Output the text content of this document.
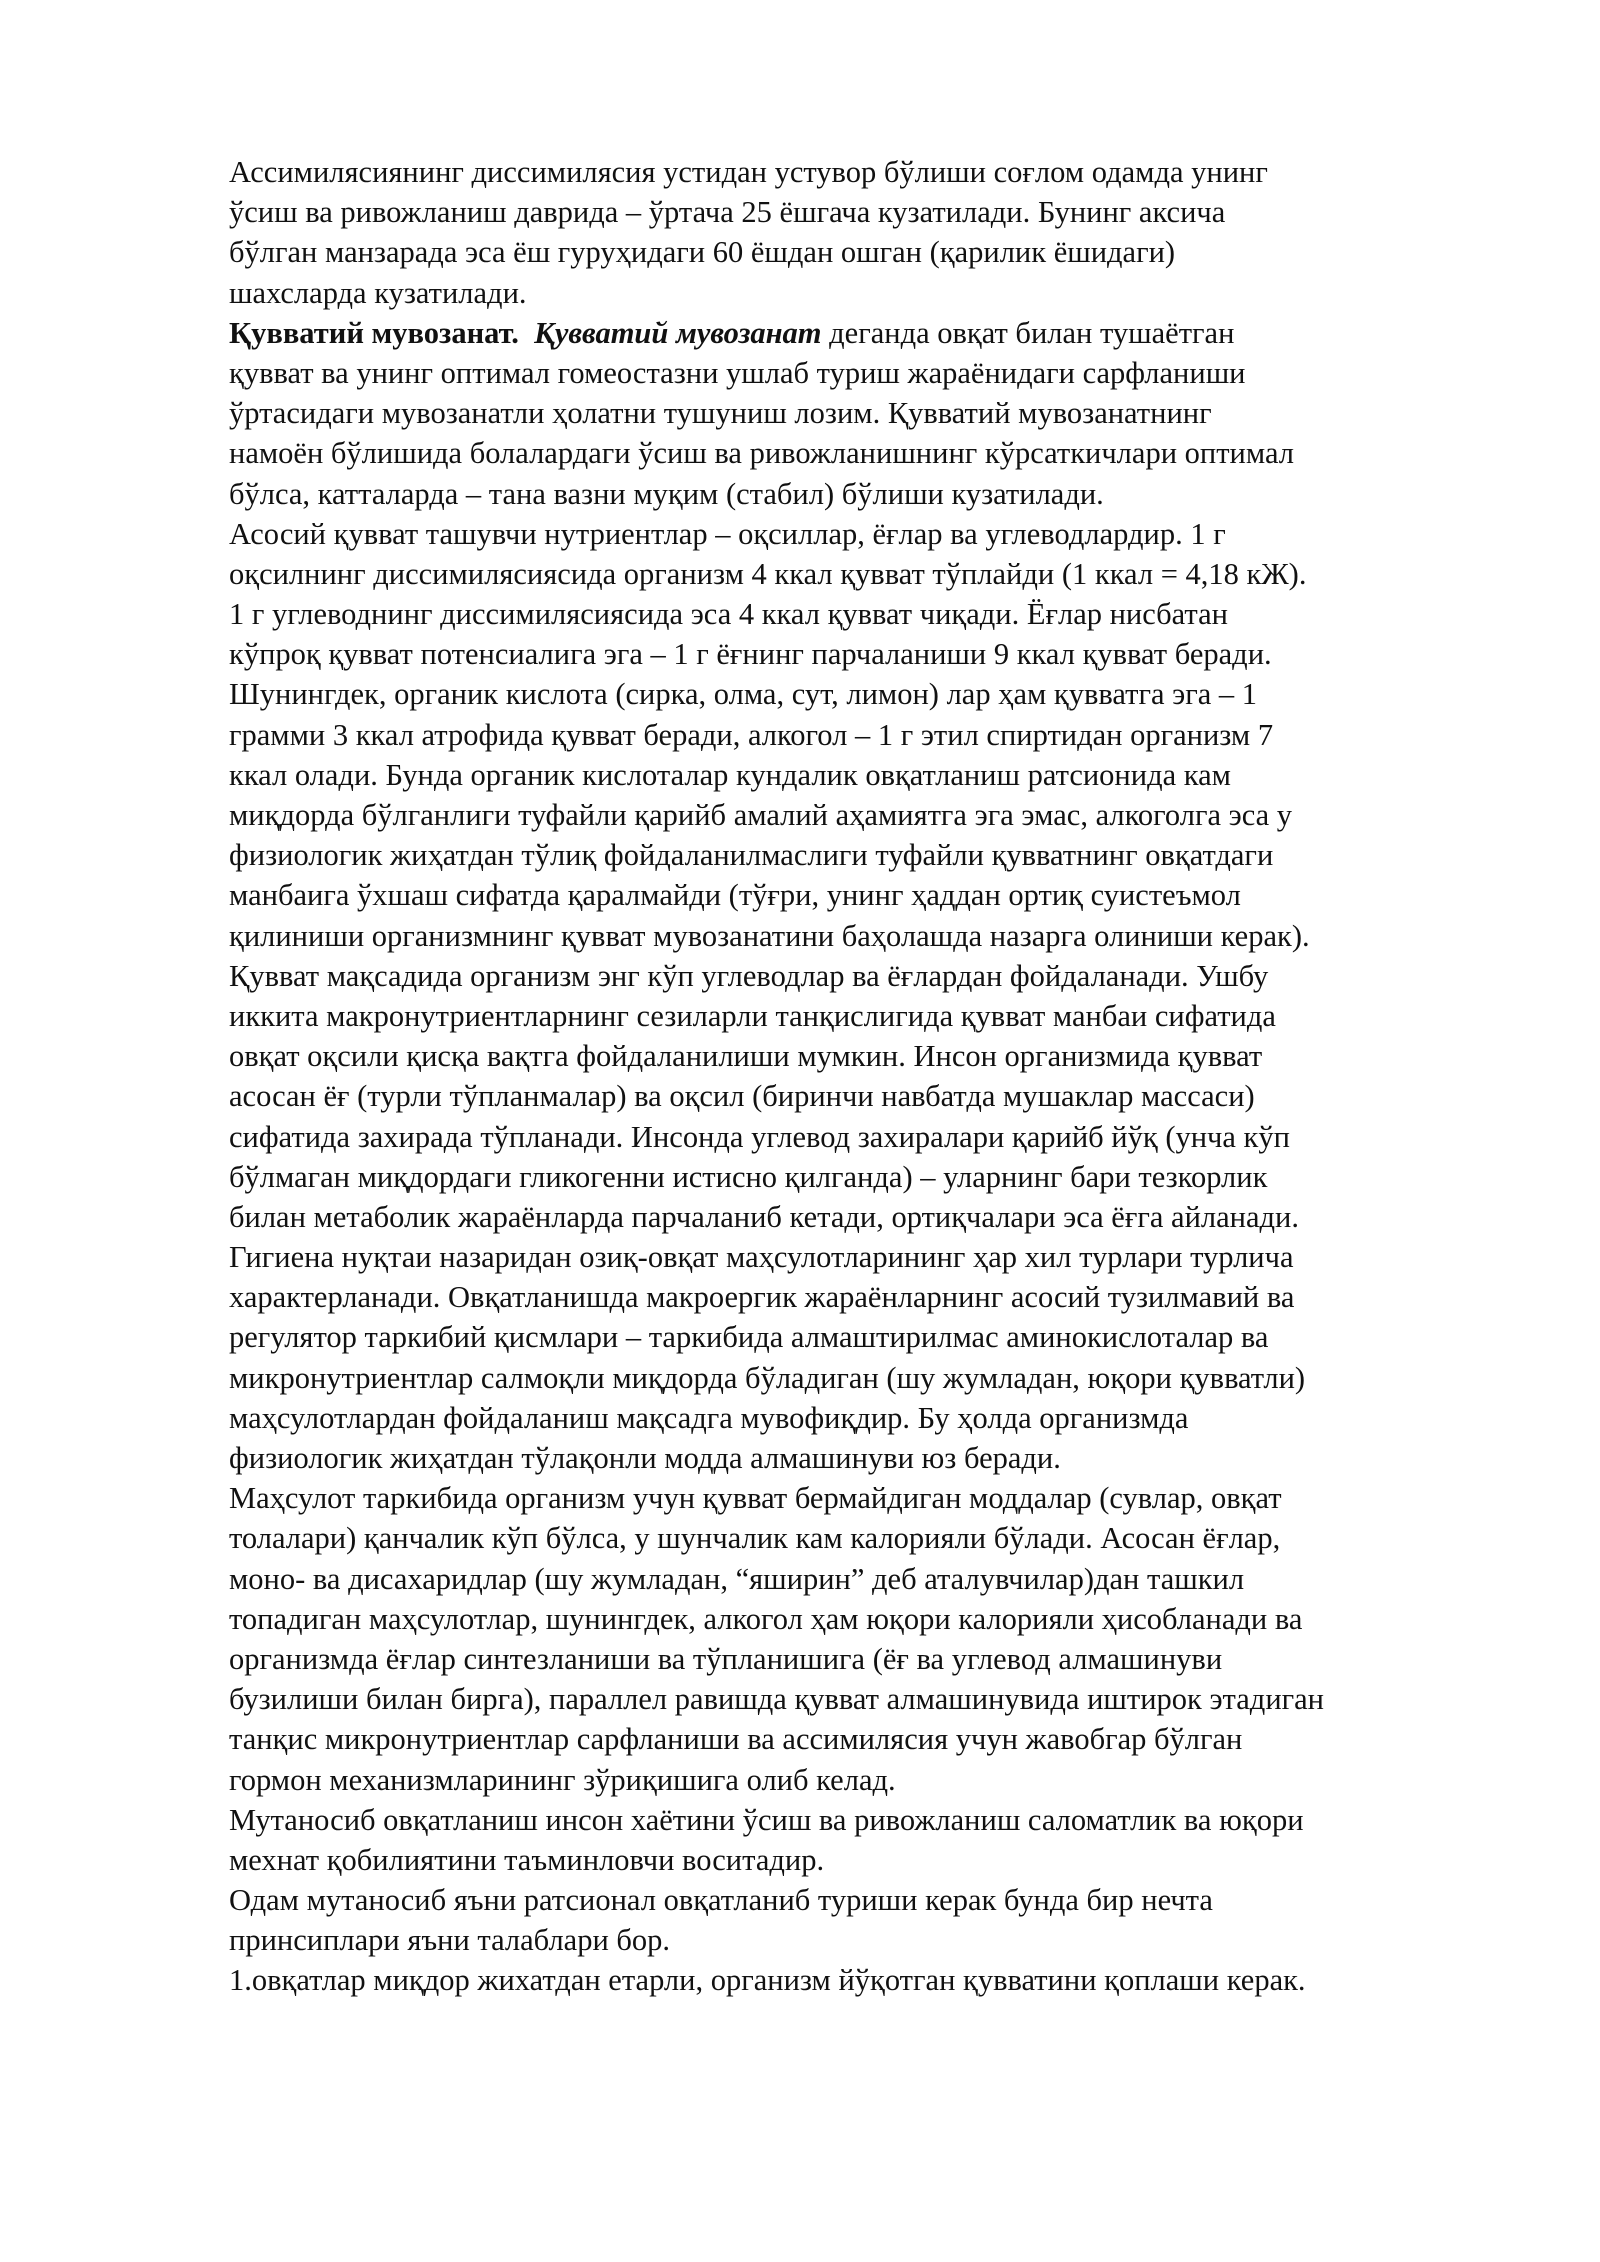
Ассимилясиянинг диссимилясия устидан устувор бўлиши соғлом одамда унинг
ўсиш ва ривожланиш даврида – ўртача 25 ёшгача кузатилади. Бунинг аксича
бўлган манзарада эса ёш гуруҳидаги 60 ёшдан ошган (қарилик ёшидаги)
шахсларда кузатилади.
Қувватий мувозанат. Қувватий мувозанат деганда овқат билан тушаётган
қувват ва унинг оптимал гомеостазни ушлаб туриш жараёнидаги сарфланиши
ўртасидаги мувозанатли ҳолатни тушуниш лозим. Қувватий мувозанатнинг
намоён бўлишида болалардаги ўсиш ва ривожланишнинг кўрсаткичлари оптимал
бўлса, катталарда – тана вазни муқим (стабил) бўлиши кузатилади.
Асосий қувват ташувчи нутриентлар – оқсиллар, ёғлар ва углеводлардир. 1 г
оқсилнинг диссимилясиясида организм 4 ккал қувват тўплайди (1 ккал = 4,18 кЖ).
1 г углеводнинг диссимилясиясида эса 4 ккал қувват чиқади. Ёғлар нисбатан
кўпроқ қувват потенсиалига эга – 1 г ёғнинг парчаланиши 9 ккал қувват беради.
Шунингдек, органик кислота (сирка, олма, сут, лимон) лар ҳам қувватга эга – 1
грамми 3 ккал атрофида қувват беради, алкогол – 1 г этил спиртидан организм 7
ккал олади. Бунда органик кислоталар кундалик овқатланиш ратсионида кам
миқдорда бўлганлиги туфайли қарийб амалий аҳамиятга эга эмас, алкоголга эса у
физиологик жиҳатдан тўлиқ фойдаланилмаслиги туфайли қувватнинг овқатдаги
манбаига ўхшаш сифатда қаралмайди (тўғри, унинг ҳаддан ортиқ суистеъмол
қилиниши организмнинг қувват мувозанатини баҳолашда назарга олиниши керак).
Қувват мақсадида организм энг кўп углеводлар ва ёғлардан фойдаланади. Ушбу
иккита макронутриентларнинг сезиларли танқислигида қувват манбаи сифатида
овқат оқсили қисқа вақтга фойдаланилиши мумкин. Инсон организмида қувват
асосан ёғ (турли тўпланмалар) ва оқсил (биринчи навбатда мушаклар массаси)
сифатида захирада тўпланади. Инсонда углевод захиралари қарийб йўқ (унча кўп
бўлмаган миқдордаги гликогенни истисно қилганда) – уларнинг бари тезкорлик
билан метаболик жараёнларда парчаланиб кетади, ортиқчалари эса ёғга айланади.
Гигиена нуқтаи назаридан озиқ-овқат маҳсулотларининг ҳар хил турлари турлича
характерланади. Овқатланишда макроергик жараёнларнинг асосий тузилмавий ва
регулятор таркибий қисмлари – таркибида алмаштирилмас аминокислоталар ва
микронутриентлар салмоқли миқдорда бўладиган (шу жумладан, юқори қувватли)
маҳсулотлардан фойдаланиш мақсадга мувофиқдир. Бу ҳолда организмда
физиологик жиҳатдан тўлақонли модда алмашинуви юз беради.
Маҳсулот таркибида организм учун қувват бермайдиган моддалар (сувлар, овқат
толалари) қанчалик кўп бўлса, у шунчалик кам калорияли бўлади. Асосан ёғлар,
моно- ва дисахаридлар (шу жумладан, “яширин” деб аталувчилар)дан ташкил
топадиган маҳсулотлар, шунингдек, алкогол ҳам юқори калорияли ҳисобланади ва
организмда ёғлар синтезланиши ва тўпланишига (ёғ ва углевод алмашинуви
бузилиши билан бирга), параллел равишда қувват алмашинувида иштирок этадиган
танқис микронутриентлар сарфланиши ва ассимилясия учун жавобгар бўлган
гормон механизмларининг зўриқишига олиб келад.
Мутаносиб овқатланиш инсон хаётини ўсиш ва ривожланиш саломатлик ва юқори
мехнат қобилиятини таъминловчи воситадир.
Одам мутаносиб яъни ратсионал овқатланиб туриши керак бунда бир нечта
принсиплари яъни талаблари бор.
1.овқатлар миқдор жихатдан етарли, организм йўқотган қувватини қоплаши керак.
